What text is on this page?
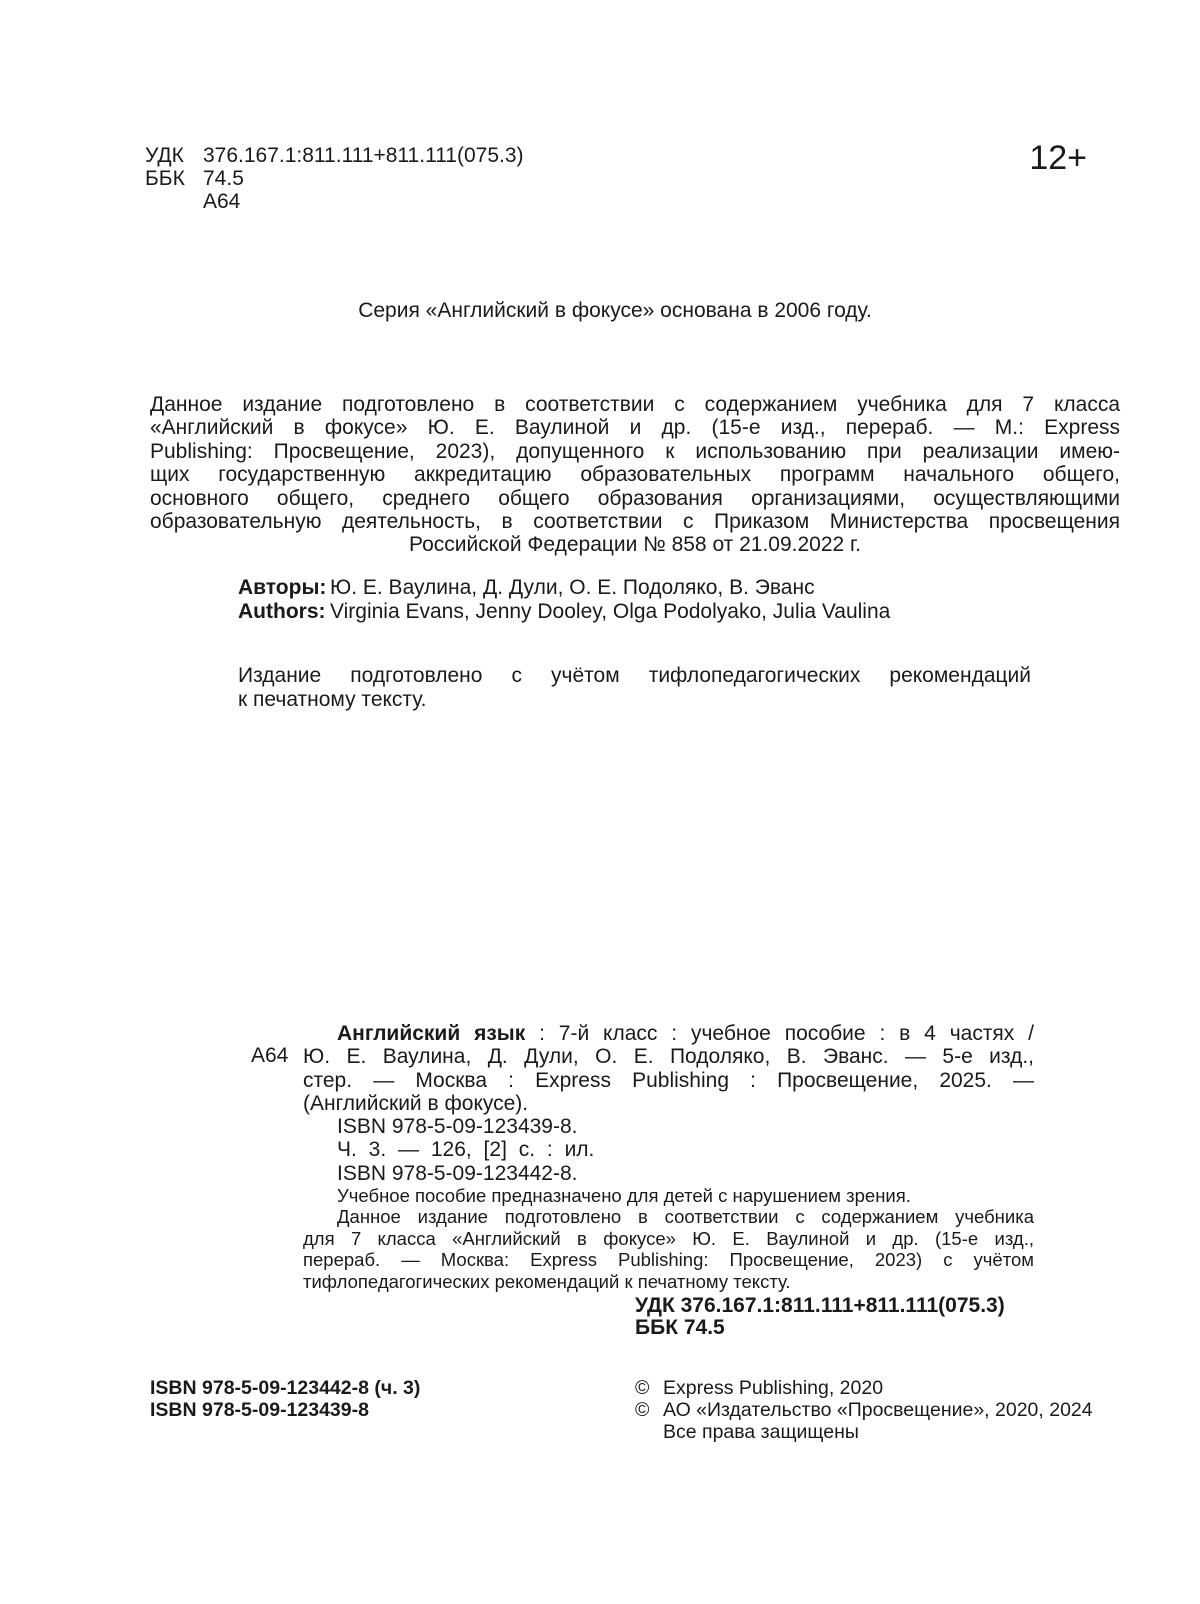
УДК 376.167.1:811.111+811.111(075.3)
ББК 74.5
А64
12+
Серия «Английский в фокусе» основана в 2006 году.
Данное издание подготовлено в соответствии с содержанием учебника для 7 класса
«Английский в фокусе» Ю. Е. Ваулиной и др. (15-е изд., перераб. — М.: Express
Publishing: Просвещение, 2023), допущенного к использованию при реализации имею-
щих государственную аккредитацию образовательных программ начального общего,
основного общего, среднего общего образования организациями, осуществляющими
образовательную деятельность, в соответствии с Приказом Министерства просвещения
Российской Федерации № 858 от 21.09.2022 г.
Авторы: Ю. Е. Ваулина, Д. Дули, О. Е. Подоляко, В. Эванс
Authors: Virginia Evans, Jenny Dooley, Olga Podolyako, Julia Vaulina
Издание подготовлено с учётом тифлопедагогических рекомендаций
к печатному тексту.
А64
Английский язык : 7-й класс : учебное пособие : в 4 частях /
Ю. Е. Ваулина, Д. Дули, О. Е. Подоляко, В. Эванс. — 5-е изд.,
стер. — Москва : Express Publishing : Просвещение, 2025. —
(Английский в фокусе).
ISBN 978-5-09-123439-8.
Ч. 3. — 126, [2] с. : ил.
ISBN 978-5-09-123442-8.
Учебное пособие предназначено для детей с нарушением зрения.
Данное издание подготовлено в соответствии с содержанием учебника
для 7 класса «Английский в фокусе» Ю. Е. Ваулиной и др. (15-е изд.,
перераб. — Москва: Express Publishing: Просвещение, 2023) с учётом
тифлопедагогических рекомендаций к печатному тексту.
УДК 376.167.1:811.111+811.111(075.3)
ББК 74.5
ISBN 978-5-09-123442-8 (ч. 3)
ISBN 978-5-09-123439-8
© Express Publishing, 2020
© АО «Издательство «Просвещение», 2020, 2024
Все права защищены
